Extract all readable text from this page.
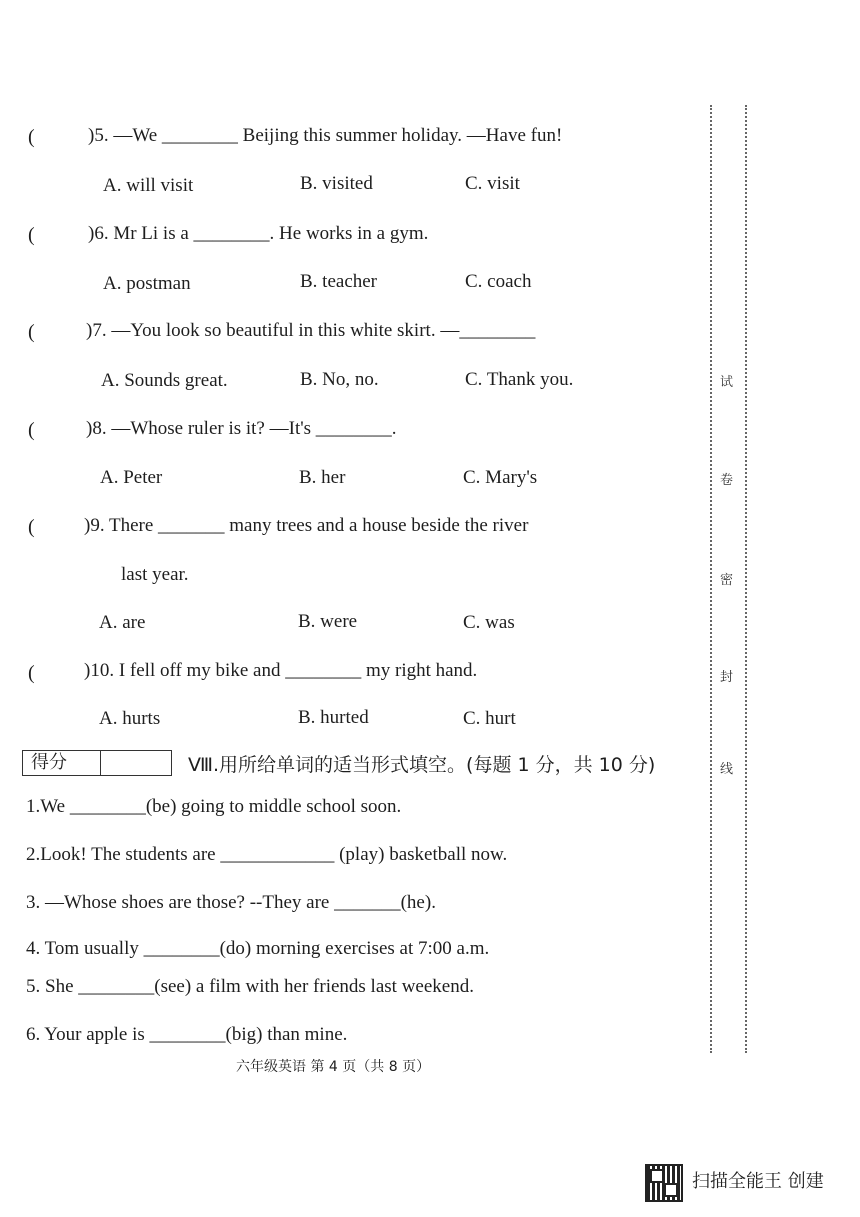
(	)5. —We ________ Beijing this summer holiday. —Have fun!
A. will visit	B. visited	C. visit
(	)6. Mr Li is a ________. He works in a gym.
A. postman	B. teacher	C. coach
(	)7. —You look so beautiful in this white skirt. —________
A. Sounds great.	B. No, no.	C. Thank you.
(	)8. —Whose ruler is it? —It's ________.
A. Peter	B. her	C. Mary's
(	)9. There _______ many trees and a house beside the river
last year.
A. are	B. were	C. was
(	)10. I fell off my bike and ________ my right hand.
A. hurts	B. hurted	C. hurt
得分	Ⅷ.用所给单词的适当形式填空。(每题 1 分，共 10 分)
1.We ________(be) going to middle school soon.
2.Look! The students are ____________ (play) basketball now.
3. —Whose shoes are those? --They are _______(he).
4. Tom usually ________(do) morning exercises at 7:00 a.m.
5. She ________(see) a film with her friends last weekend.
6. Your apple is ________(big) than mine.
试
卷
密
封
线
六年级英语 第 4 页（共 8 页）
扫描全能王 创建
